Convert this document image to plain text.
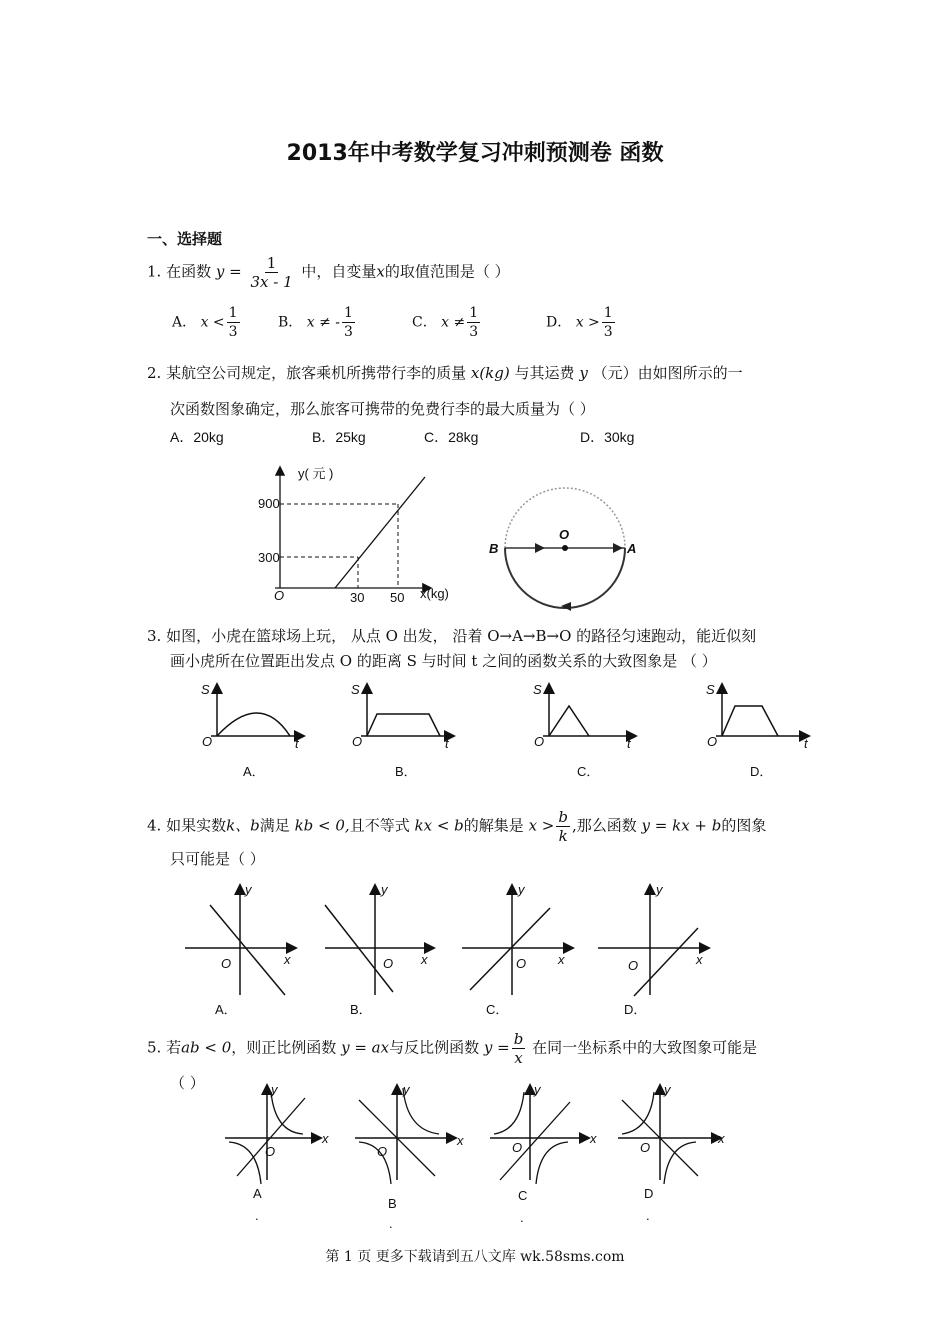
2013年中考数学复习冲刺预测卷 函数
一、选择题
1. 在函数 $y = \frac{1}{3x - 1}$ 中，自变量x的取值范围是（ ）
A． $x < \frac{1}{3}$	B． x ≠ - $\frac{1}{3}$	C． $x \ne \frac{1}{3}$	D． $x > \frac{1}{3}$
2. 某航空公司规定，旅客乘机所携带行李的质量 x(kg) 与其运费 y （元）由如图所示的一
次函数图象确定，那么旅客可携带的免费行李的最大质量为（ ）
A．20kg	B．25kg	C．28kg	D．30kg
y( 元 )
900
300
O	30 50 x(kg)
B
O
A
3. 如图，小虎在篮球场上玩， 从点 O 出发， 沿着 O→A→B→O 的路径匀速跑动，能近似刻
画小虎所在位置距出发点 O 的距离 S 与时间 t 之间的函数关系的大致图象是 （ ）
S
O	t
A．
S
O	t
B．
S
O	t
C．
S
O	t
D．
4. 如果实数k、b满足 kb < 0,且不等式 kx < b的解集是 $x > \frac{b}{k}$ ,那么函数 y = kx + b的图象
只可能是（ ）
y
O	x
A．
y
O x
B．
y
O x
C．
y
O	x
D．
5. 若ab < 0，则正比例函数 y = ax与反比例函数 $y = \frac{b}{x}$ 在同一坐标系中的大致图象可能是
（ ）	y
O
x
A
.
y
O
x
B
.
y
O
x
C
.
y
O
x
D
.
第 1 页 更多下载请到五八文库 wk.58sms.com
